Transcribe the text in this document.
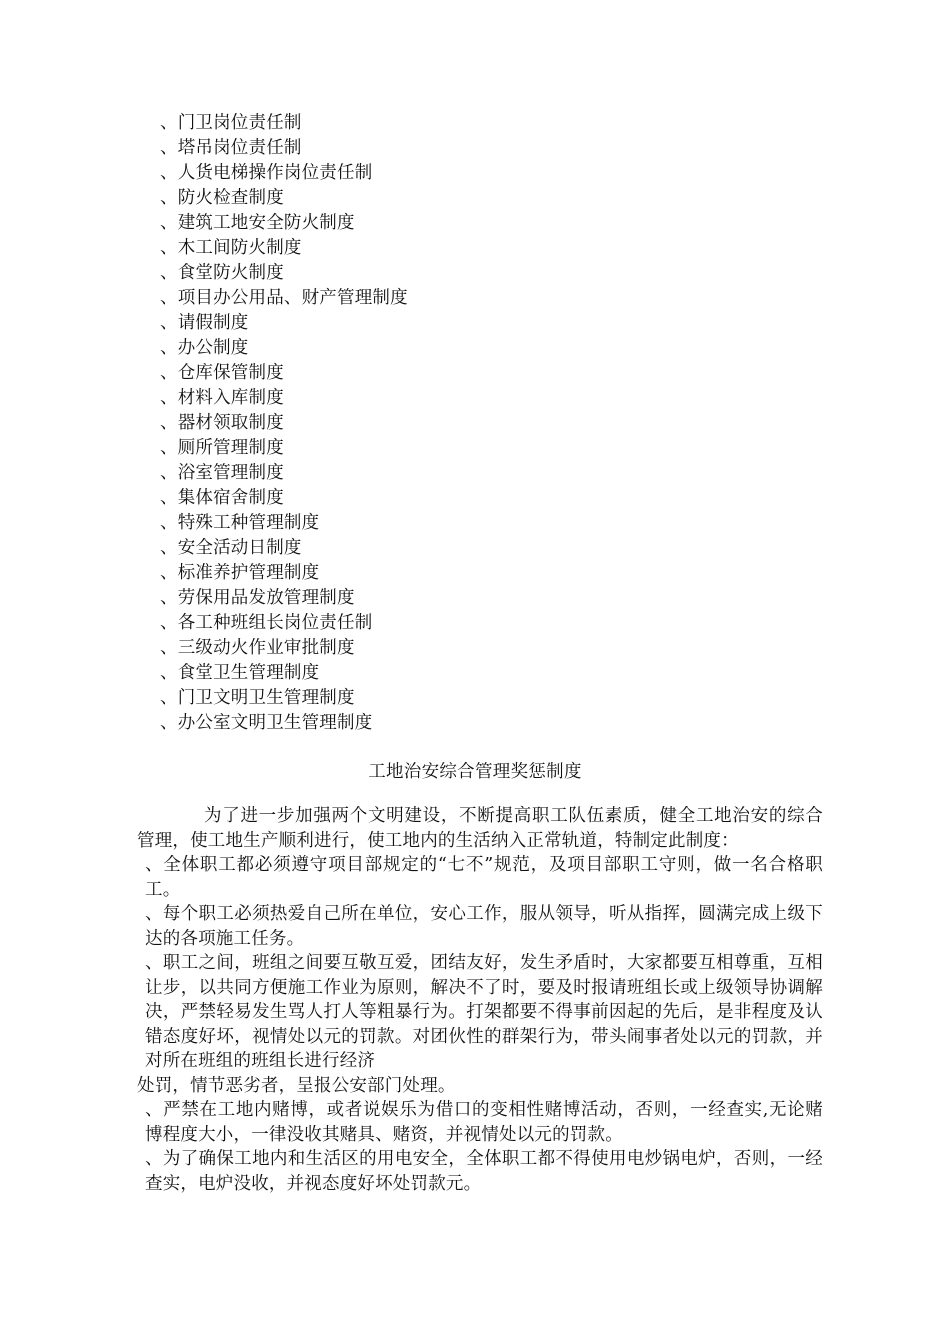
、门卫岗位责任制
、塔吊岗位责任制
、人货电梯操作岗位责任制
、防火检查制度
、建筑工地安全防火制度
、木工间防火制度
、食堂防火制度
、项目办公用品、财产管理制度
、请假制度
、办公制度
、仓库保管制度
、材料入库制度
、器材领取制度
、厕所管理制度
、浴室管理制度
、集体宿舍制度
、特殊工种管理制度
、安全活动日制度
、标准养护管理制度
、劳保用品发放管理制度
、各工种班组长岗位责任制
、三级动火作业审批制度
、食堂卫生管理制度
、门卫文明卫生管理制度
、办公室文明卫生管理制度
工地治安综合管理奖惩制度

为了进一步加强两个文明建设，不断提高职工队伍素质，健全工地治安的综合管理，使工地生产顺利进行，使工地内的生活纳入正常轨道，特制定此制度：

、全体职工都必须遵守项目部规定的“七不”规范，及项目部职工守则，做一名合格职工。

、每个职工必须热爱自己所在单位，安心工作，服从领导，听从指挥，圆满完成上级下达的各项施工任务。

、职工之间，班组之间要互敬互爱，团结友好，发生矛盾时，大家都要互相尊重，互相让步，以共同方便施工作业为原则，解决不了时，要及时报请班组长或上级领导协调解决，严禁轻易发生骂人打人等粗暴行为。打架都要不得事前因起的先后，是非程度及认错态度好坏，视情处以元的罚款。对团伙性的群架行为，带头闹事者处以元的罚款，并对所在班组的班组长进行经济

处罚，情节恶劣者，呈报公安部门处理。

、严禁在工地内赌博，或者说娱乐为借口的变相性赌博活动，否则，一经查实,无论赌博程度大小，一律没收其赌具、赌资，并视情处以元的罚款。

、为了确保工地内和生活区的用电安全，全体职工都不得使用电炒锅电炉，否则，一经查实，电炉没收，并视态度好坏处罚款元。
